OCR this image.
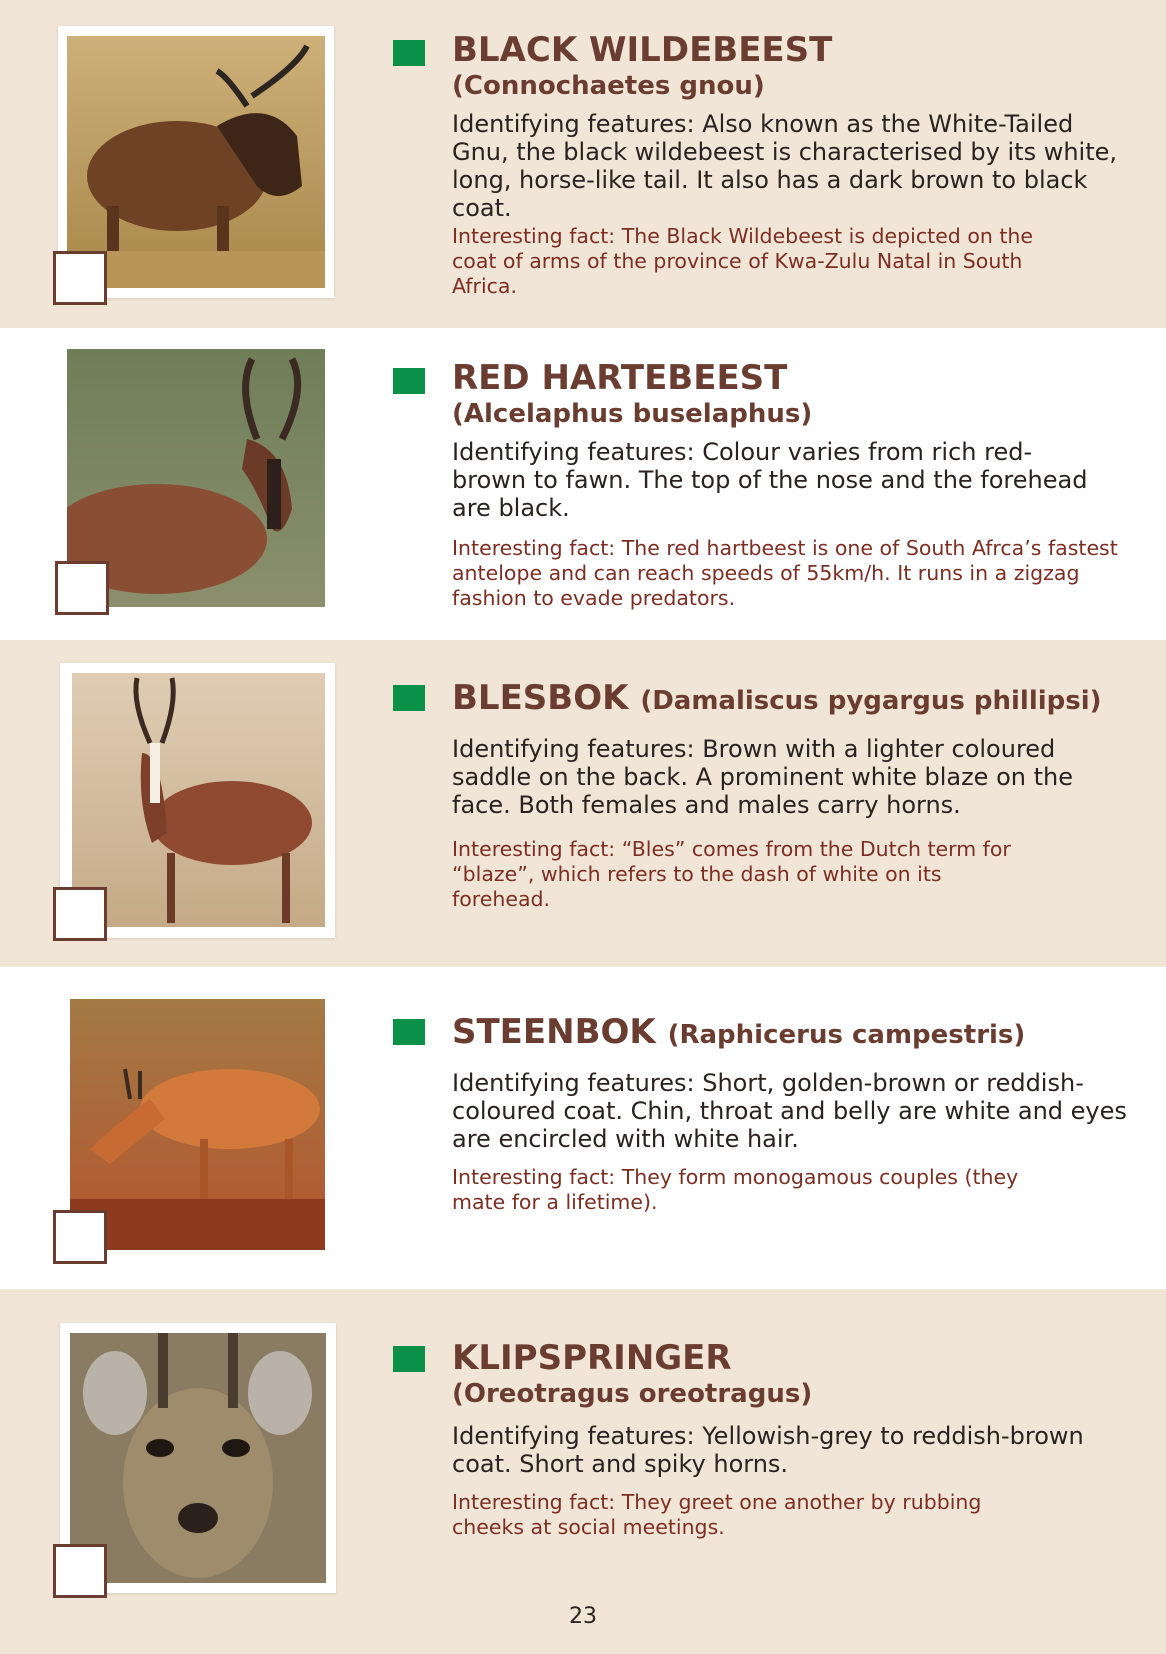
BLACK WILDEBEEST

(Connochaetes gnou)

Identifying features: Also known as the White-Tailed Gnu, the black wildebeest is characterised by its white, long, horse-like tail. It also has a dark brown to black coat.

Interesting fact: The Black Wildebeest is depicted on the coat of arms of the province of Kwa-Zulu Natal in South Africa.

RED HARTEBEEST

(Alcelaphus buselaphus)

Identifying features: Colour varies from rich red-brown to fawn. The top of the nose and the forehead are black.

Interesting fact: The red hartbeest is one of South Afrca’s fastest antelope and can reach speeds of 55km/h. It runs in a zigzag fashion to evade predators.

BLESBOK (Damaliscus pygargus phillipsi)

Identifying features: Brown with a lighter coloured saddle on the back. A prominent white blaze on the face. Both females and males carry horns.

Interesting fact: “Bles” comes from the Dutch term for “blaze”, which refers to the dash of white on its forehead.

STEENBOK (Raphicerus campestris)

Identifying features: Short, golden-brown or reddish-coloured coat. Chin, throat and belly are white and eyes are encircled with white hair.

Interesting fact: They form monogamous couples (they mate for a lifetime).

KLIPSPRINGER

(Oreotragus oreotragus)

Identifying features: Yellowish-grey to reddish-brown coat. Short and spiky horns.

Interesting fact: They greet one another by rubbing cheeks at social meetings.

23
